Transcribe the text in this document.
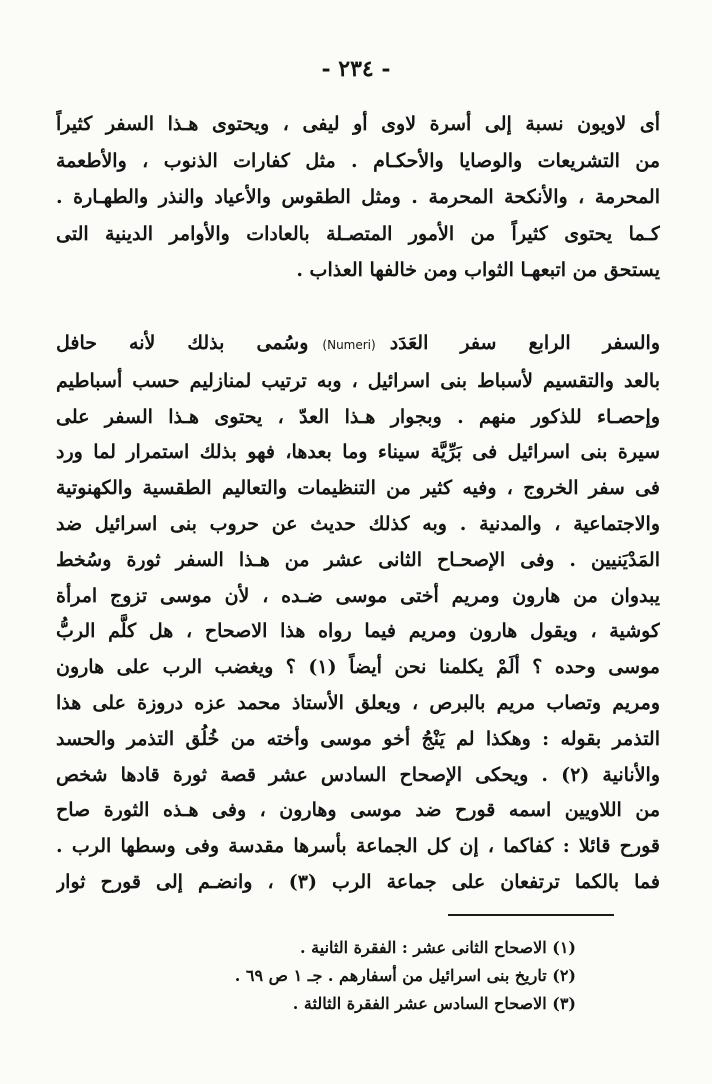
- ٢٣٤ -

أى لاويون نسبة إلى أسرة لاوى أو ليفى ، ويحتوى هـذا السفر كثيراً
من التشريعات والوصايا والأحكـام . مثل كفارات الذنوب ، والأطعمة
المحرمة ، والأنكحة المحرمة . ومثل الطقوس والأعياد والنذر والطهـارة .
كـما يحتوى كثيراً من الأمور المتصـلة بالعادات والأوامر الدينية التى
يستحق من اتبعهـا الثواب ومن خالفها العذاب .

والسفر الرابع سفر العَدَد(Numeri)وسُمى بذلك لأنه حافل
بالعد والتقسيم لأسباط بنى اسرائيل ، وبه ترتيب لمنازليم حسب أسباطيم
وإحصـاء للذكور منهم . وبجوار هـذا العدّ ، يحتوى هـذا السفر على
سيرة بنى اسرائيل فى بَرِّيَّة سيناء وما بعدها، فهو بذلك استمرار لما ورد
فى سفر الخروج ، وفيه كثير من التنظيمات والتعاليم الطقسية والكهنوتية
والاجتماعية ، والمدنية . وبه كذلك حديث عن حروب بنى اسرائيل ضد
المَدْيَنيين . وفى الإصحـاح الثانى عشر من هـذا السفر ثورة وسُخط
يبدوان من هارون ومريم أختى موسى ضـده ، لأن موسى تزوج امرأة
كوشية ، ويقول هارون ومريم فيما رواه هذا الاصحاح ، هل كلَّم الربُّ
موسى وحده ؟ ألَمْ يكلمنا نحن أيضاً (١) ؟ ويغضب الرب على هارون
ومريم وتصاب مريم بالبرص ، ويعلق الأستاذ محمد عزه دروزة على هذا
التذمر بقوله : وهكذا لم يَنْجُ أخو موسى وأخته من خُلُق التذمر والحسد
والأنانية (٢) . ويحكى الإصحاح السادس عشر قصة ثورة قادها شخص
من اللاويين اسمه قورح ضد موسى وهارون ، وفى هـذه الثورة صاح
قورح قائلا : كفاكما ، إن كل الجماعة بأسرها مقدسة وفى وسطها الرب .
فما بالكما ترتفعان على جماعة الرب (٣) ، وانضـم إلى قورح ثوار

(١) الاصحاح الثانى عشر : الفقرة الثانية .
(٢) تاريخ بنى اسرائيل من أسفارهم . جـ ١ ص ٦٩ .
(٣) الاصحاح السادس عشر الفقرة الثالثة .
